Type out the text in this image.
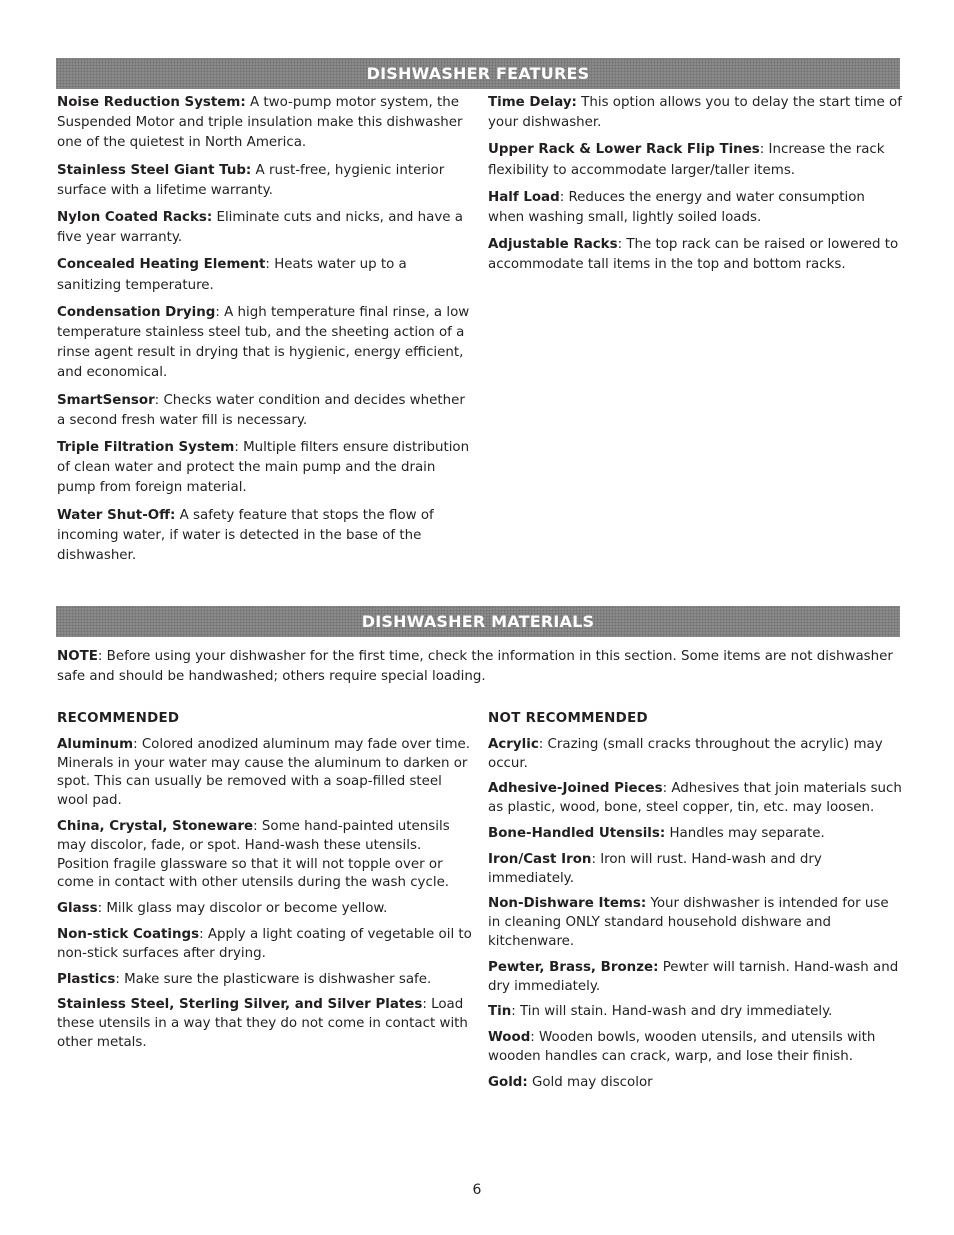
DISHWASHER FEATURES

Noise Reduction System: A two-pump motor system, the Suspended Motor and triple insulation make this dishwasher one of the quietest in North America.

Stainless Steel Giant Tub: A rust-free, hygienic interior surface with a lifetime warranty.

Nylon Coated Racks: Eliminate cuts and nicks, and have a five year warranty.

Concealed Heating Element: Heats water up to a sanitizing temperature.

Condensation Drying: A high temperature final rinse, a low temperature stainless steel tub, and the sheeting action of a rinse agent result in drying that is hygienic, energy efficient, and economical.

SmartSensor: Checks water condition and decides whether a second fresh water fill is necessary.

Triple Filtration System: Multiple filters ensure distribution of clean water and protect the main pump and the drain pump from foreign material.

Water Shut-Off: A safety feature that stops the flow of incoming water, if water is detected in the base of the dishwasher.

Time Delay: This option allows you to delay the start time of your dishwasher.

Upper Rack & Lower Rack Flip Tines: Increase the rack flexibility to accommodate larger/taller items.

Half Load: Reduces the energy and water consumption when washing small, lightly soiled loads.

Adjustable Racks: The top rack can be raised or lowered to accommodate tall items in the top and bottom racks.

DISHWASHER MATERIALS

NOTE: Before using your dishwasher for the first time, check the information in this section. Some items are not dishwasher safe and should be handwashed; others require special loading.

RECOMMENDED

Aluminum: Colored anodized aluminum may fade over time. Minerals in your water may cause the aluminum to darken or spot. This can usually be removed with a soap-filled steel wool pad.

China, Crystal, Stoneware: Some hand-painted utensils may discolor, fade, or spot. Hand-wash these utensils. Position fragile glassware so that it will not topple over or come in contact with other utensils during the wash cycle.

Glass: Milk glass may discolor or become yellow.

Non-stick Coatings: Apply a light coating of vegetable oil to non-stick surfaces after drying.

Plastics: Make sure the plasticware is dishwasher safe.

Stainless Steel, Sterling Silver, and Silver Plates: Load these utensils in a way that they do not come in contact with other metals.

NOT RECOMMENDED

Acrylic: Crazing (small cracks throughout the acrylic) may occur.

Adhesive-Joined Pieces: Adhesives that join materials such as plastic, wood, bone, steel copper, tin, etc. may loosen.

Bone-Handled Utensils: Handles may separate.

Iron/Cast Iron: Iron will rust. Hand-wash and dry immediately.

Non-Dishware Items: Your dishwasher is intended for use in cleaning ONLY standard household dishware and kitchenware.

Pewter, Brass, Bronze: Pewter will tarnish. Hand-wash and dry immediately.

Tin: Tin will stain. Hand-wash and dry immediately.

Wood: Wooden bowls, wooden utensils, and utensils with wooden handles can crack, warp, and lose their finish.

Gold: Gold may discolor

6
